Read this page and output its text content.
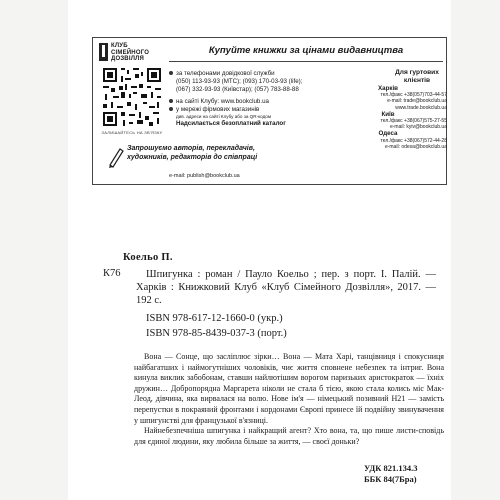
КЛУБ
СІМЕЙНОГО
ДОЗВІЛЛЯ
Купуйте книжки за цінами видавництва
ЗАЛИШАЙТЕСЬ НА ЗВ'ЯЗКУ
за телефонами довідкової служби
(050) 113-93-93 (МТС); (093) 170-03-93 (life);
(067) 332-93-93 (Київстар); (057) 783-88-88
на сайті Клубу: www.bookclub.ua
у мережі фірмових магазинів
див. адреси на сайті Клубу або за QR-кодом
Надсилається безоплатний каталог
Для гуртових клієнтів
Харків
тел./факс +38(057)703-44-57
e-mail: trade@bookclub.ua
www.trade.bookclub.ua
Київ
тел./факс +38(067)575-27-55
e-mail: kyiv@bookclub.ua
Одеса
тел./факс +38(067)572-44-28
e-mail: odesa@bookclub.ua
Запрошуємо авторів, перекладачів,
художників, редакторів до співпраці
e-mail: publish@bookclub.ua
Коельо П.
К76	Шпигунка : роман / Пауло Коельо ; пер. з порт. І. Палій. — Харків : Книжковий Клуб «Клуб Сімейного Дозвілля», 2017. — 192 с.
ISBN 978-617-12-1660-0 (укр.)
ISBN 978-85-8439-037-3 (порт.)

Вона — Сонце, що засліплює зірки… Вона — Мата Харі, танцівниця і спокусниця найбагатших і наймогутніших чоловіків, чиє життя сповнене небезпек та інтриг. Вона кинула виклик забобонам, ставши найлютішим ворогом паризьких аристократок — їхніх дружин… Добропорядна Маргарета ніколи не стала б тією, якою стала колись міс Мак-Леод, дівчина, яка вирвалася на волю. Нове ім'я — німецький позивний H21 — замість перепустки в покраяний фронтами і кордонами Європі принесе їй подвійну звинувачення у шпигунстві для французької в'язниці.

Найнебезпечніша шпигунка і найкращий агент? Хто вона, та, що пише листи-сповідь для єдиної людини, яку любила більше за життя, — своєї доньки?

УДК 821.134.3
ББК 84(7Бра)
